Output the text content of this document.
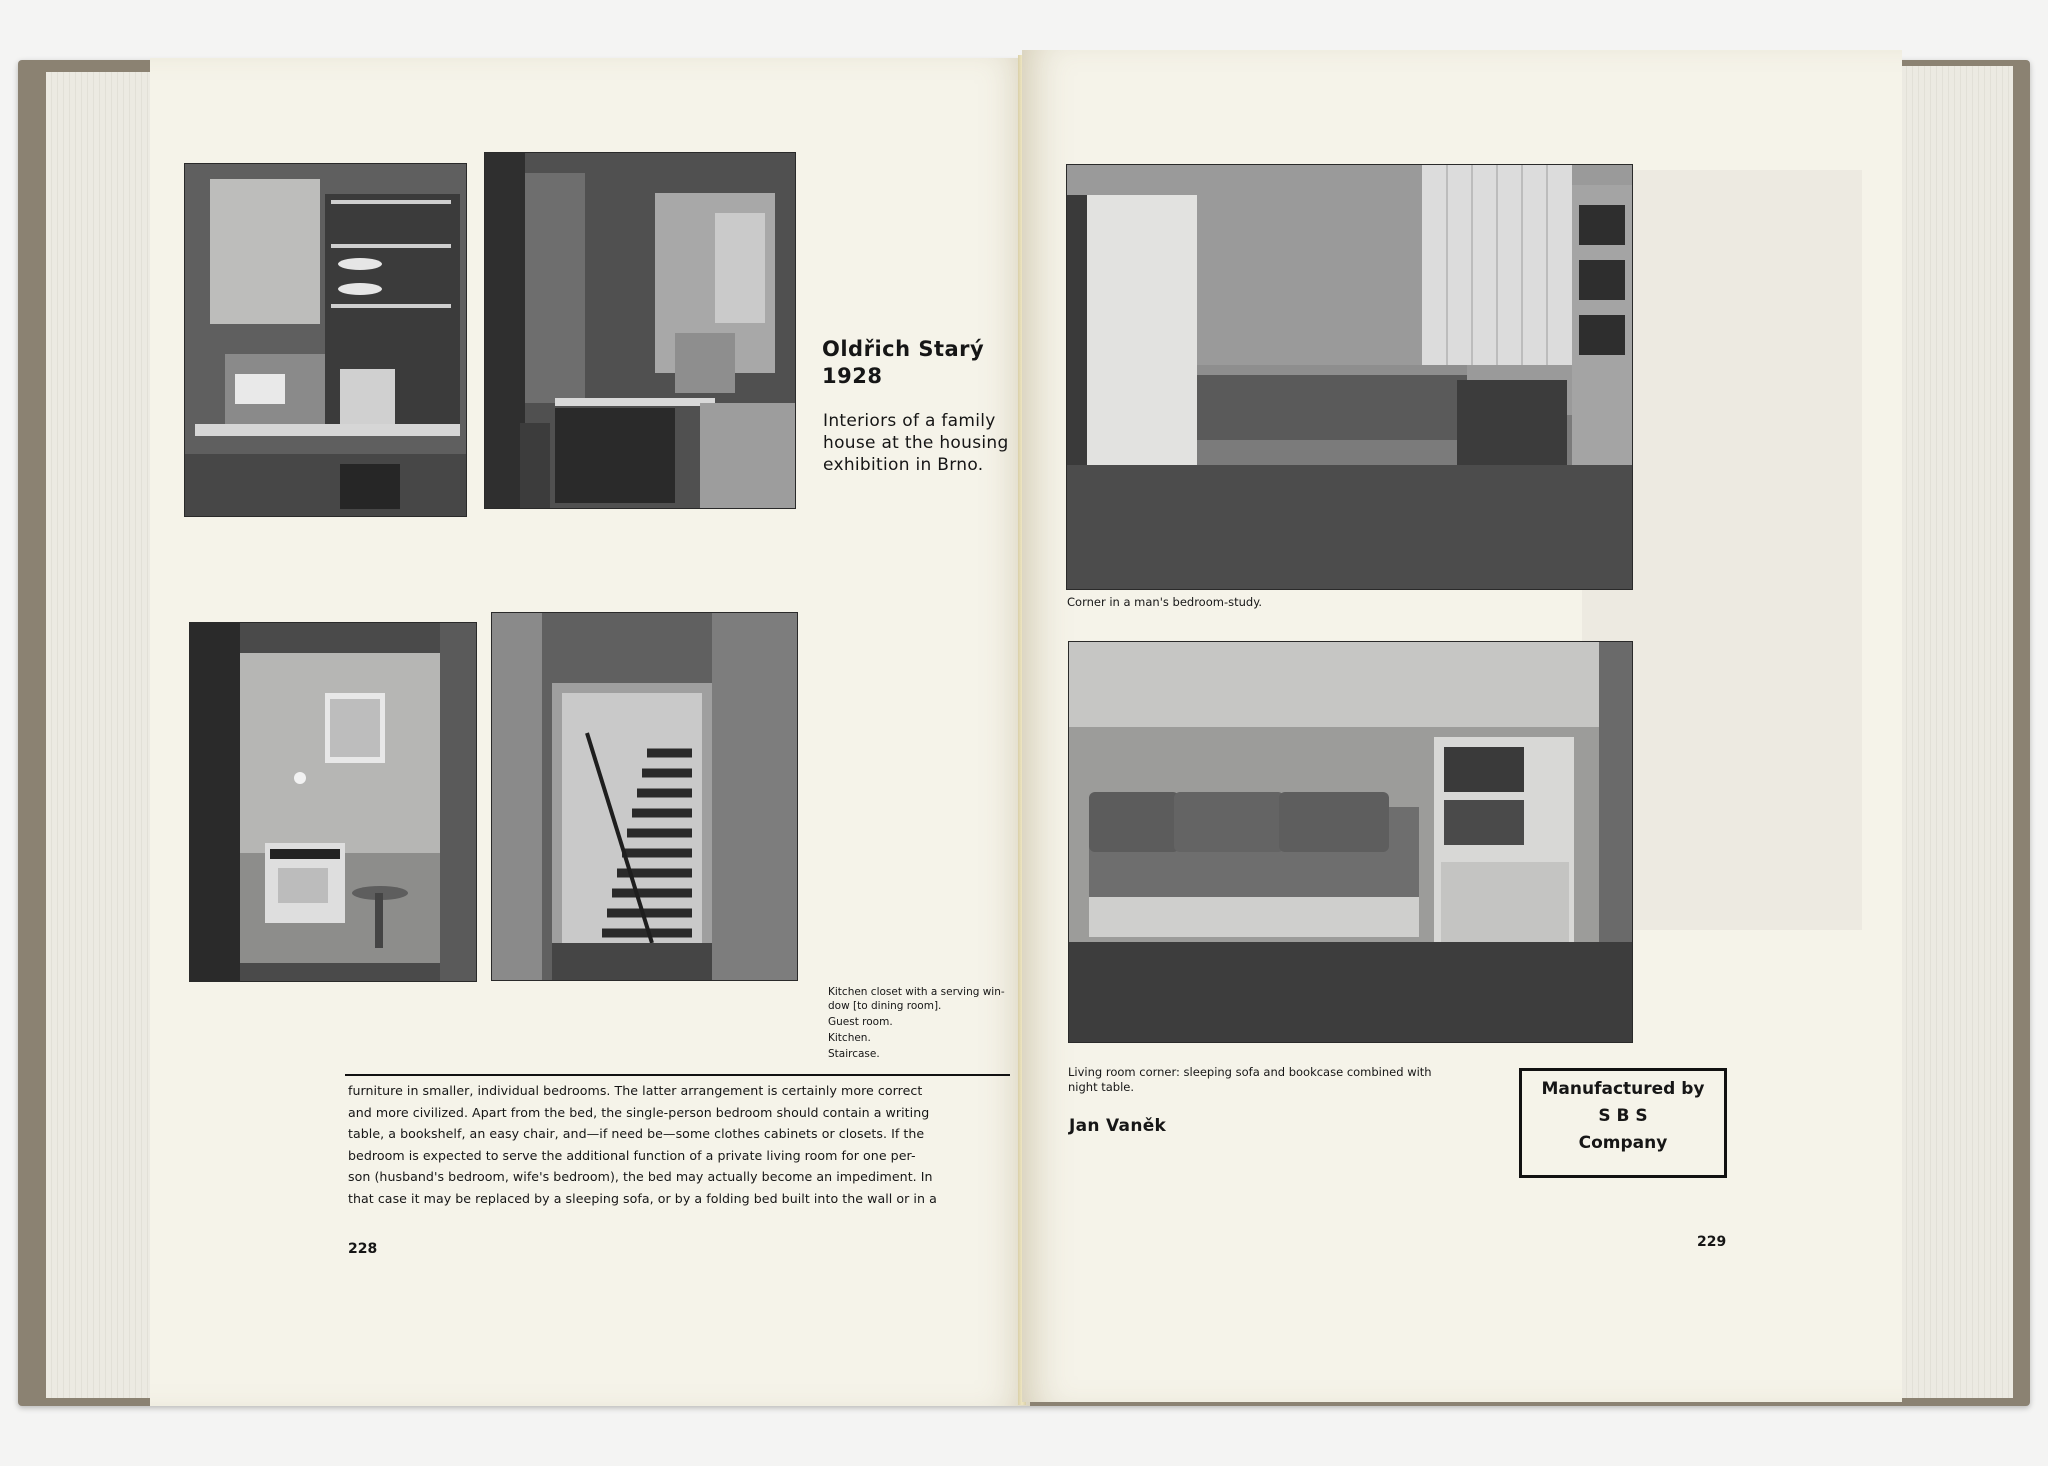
Oldřich Starý
1928
Interiors of a family
house at the housing
exhibition in Brno.
Kitchen closet with a serving win-
dow [to dining room].
Guest room.
Kitchen.
Staircase.

furniture in smaller, individual bedrooms. The latter arrangement is certainly more correct

and more civilized. Apart from the bed, the single-person bedroom should contain a writing

table, a bookshelf, an easy chair, and—if need be—some clothes cabinets or closets. If the

bedroom is expected to serve the additional function of a private living room for one per-

son (husband's bedroom, wife's bedroom), the bed may actually become an impediment. In

that case it may be replaced by a sleeping sofa, or by a folding bed built into the wall or in a

228
Corner in a man's bedroom-study.
Living room corner: sleeping sofa and bookcase combined with
night table.
Jan Vaněk
Manufactured by
S B S
Company
229
